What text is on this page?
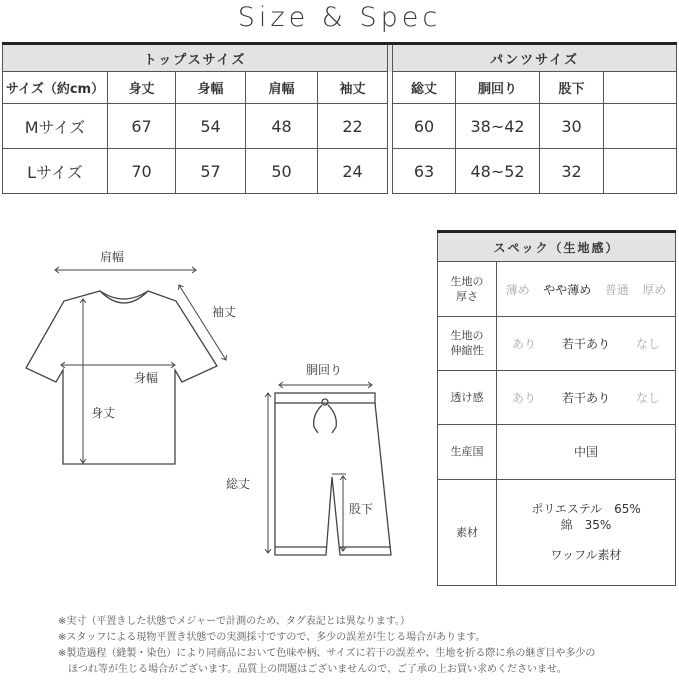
Size & Spec
トップスサイズ						パンツサイズ			
サイズ（約cm）	身丈	身幅	肩幅	袖丈		総丈	胴回り	股下	
Mサイズ	67	54	48	22		60	38~42	30	
Lサイズ	70	57	50	24		63	48~52	32	
肩幅
袖丈
身幅
身丈
胴回り
総丈
股下
スペック（生地感）	
生地の
厚さ	薄め やや薄め 普通 厚め

生地の
伸縮性	あり 若干あり なし

透け感	あり 若干あり なし

生産国	中国
素材	ポリエステル　65%
綿　35%
ワッフル素材
※実寸（平置きした状態でメジャーで計測のため、タグ表記とは異なります。）
※スタッフによる現物平置き状態での実測採寸ですので、多少の誤差が生じる場合があります。
※製造過程（縫製・染色）により同商品において色味や柄、サイズに若干の誤差や、生地を折る際に糸の継ぎ目や多少の
　ほつれ等が生じる場合がございます。品質上の問題はございませんので、ご了承の上お買い求めくださいませ。
